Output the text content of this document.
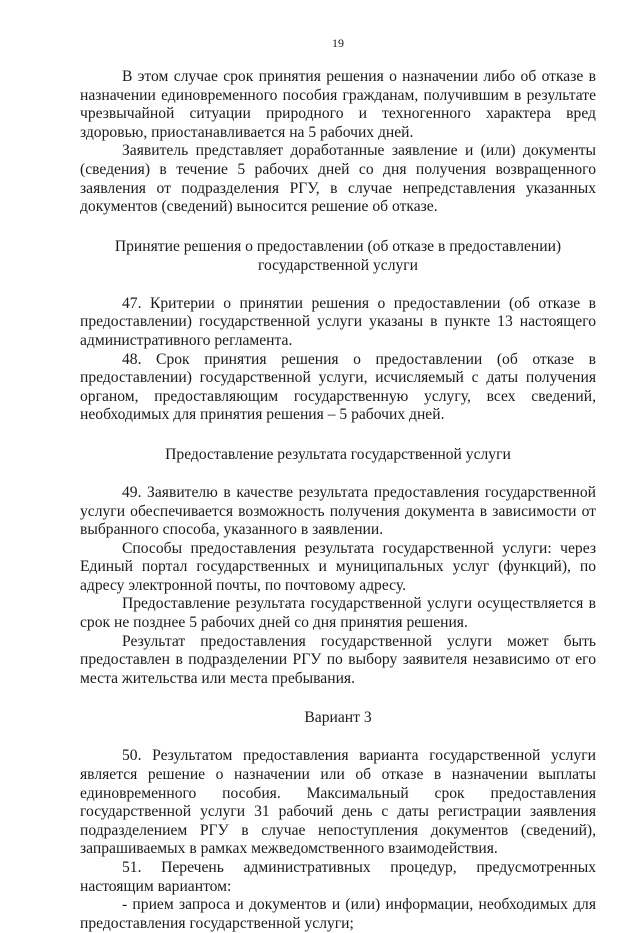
19

В этом случае срок принятия решения о назначении либо об отказе в назначении единовременного пособия гражданам, получившим в результате чрезвычайной ситуации природного и техногенного характера вред здоровью, приостанавливается на 5 рабочих дней.

Заявитель представляет доработанные заявление и (или) документы (сведения) в течение 5 рабочих дней со дня получения возвращенного заявления от подразделения РГУ, в случае непредставления указанных документов (сведений) выносится решение об отказе.

Принятие решения о предоставлении (об отказе в предоставлении) государственной услуги

47. Критерии о принятии решения о предоставлении (об отказе в предоставлении) государственной услуги указаны в пункте 13 настоящего административного регламента.

48. Срок принятия решения о предоставлении (об отказе в предоставлении) государственной услуги, исчисляемый с даты получения органом, предоставляющим государственную услугу, всех сведений, необходимых для принятия решения – 5 рабочих дней.

Предоставление результата государственной услуги

49. Заявителю в качестве результата предоставления государственной услуги обеспечивается возможность получения документа в зависимости от выбранного способа, указанного в заявлении.

Способы предоставления результата государственной услуги: через Единый портал государственных и муниципальных услуг (функций), по адресу электронной почты, по почтовому адресу.

Предоставление результата государственной услуги осуществляется в срок не позднее 5 рабочих дней со дня принятия решения.

Результат предоставления государственной услуги может быть предоставлен в подразделении РГУ по выбору заявителя независимо от его места жительства или места пребывания.

Вариант 3

50. Результатом предоставления варианта государственной услуги является решение о назначении или об отказе в назначении выплаты единовременного пособия. Максимальный срок предоставления государственной услуги 31 рабочий день с даты регистрации заявления подразделением РГУ в случае непоступления документов (сведений), запрашиваемых в рамках межведомственного взаимодействия.

51. Перечень административных процедур, предусмотренных настоящим вариантом:

- прием запроса и документов и (или) информации, необходимых для предоставления государственной услуги;
